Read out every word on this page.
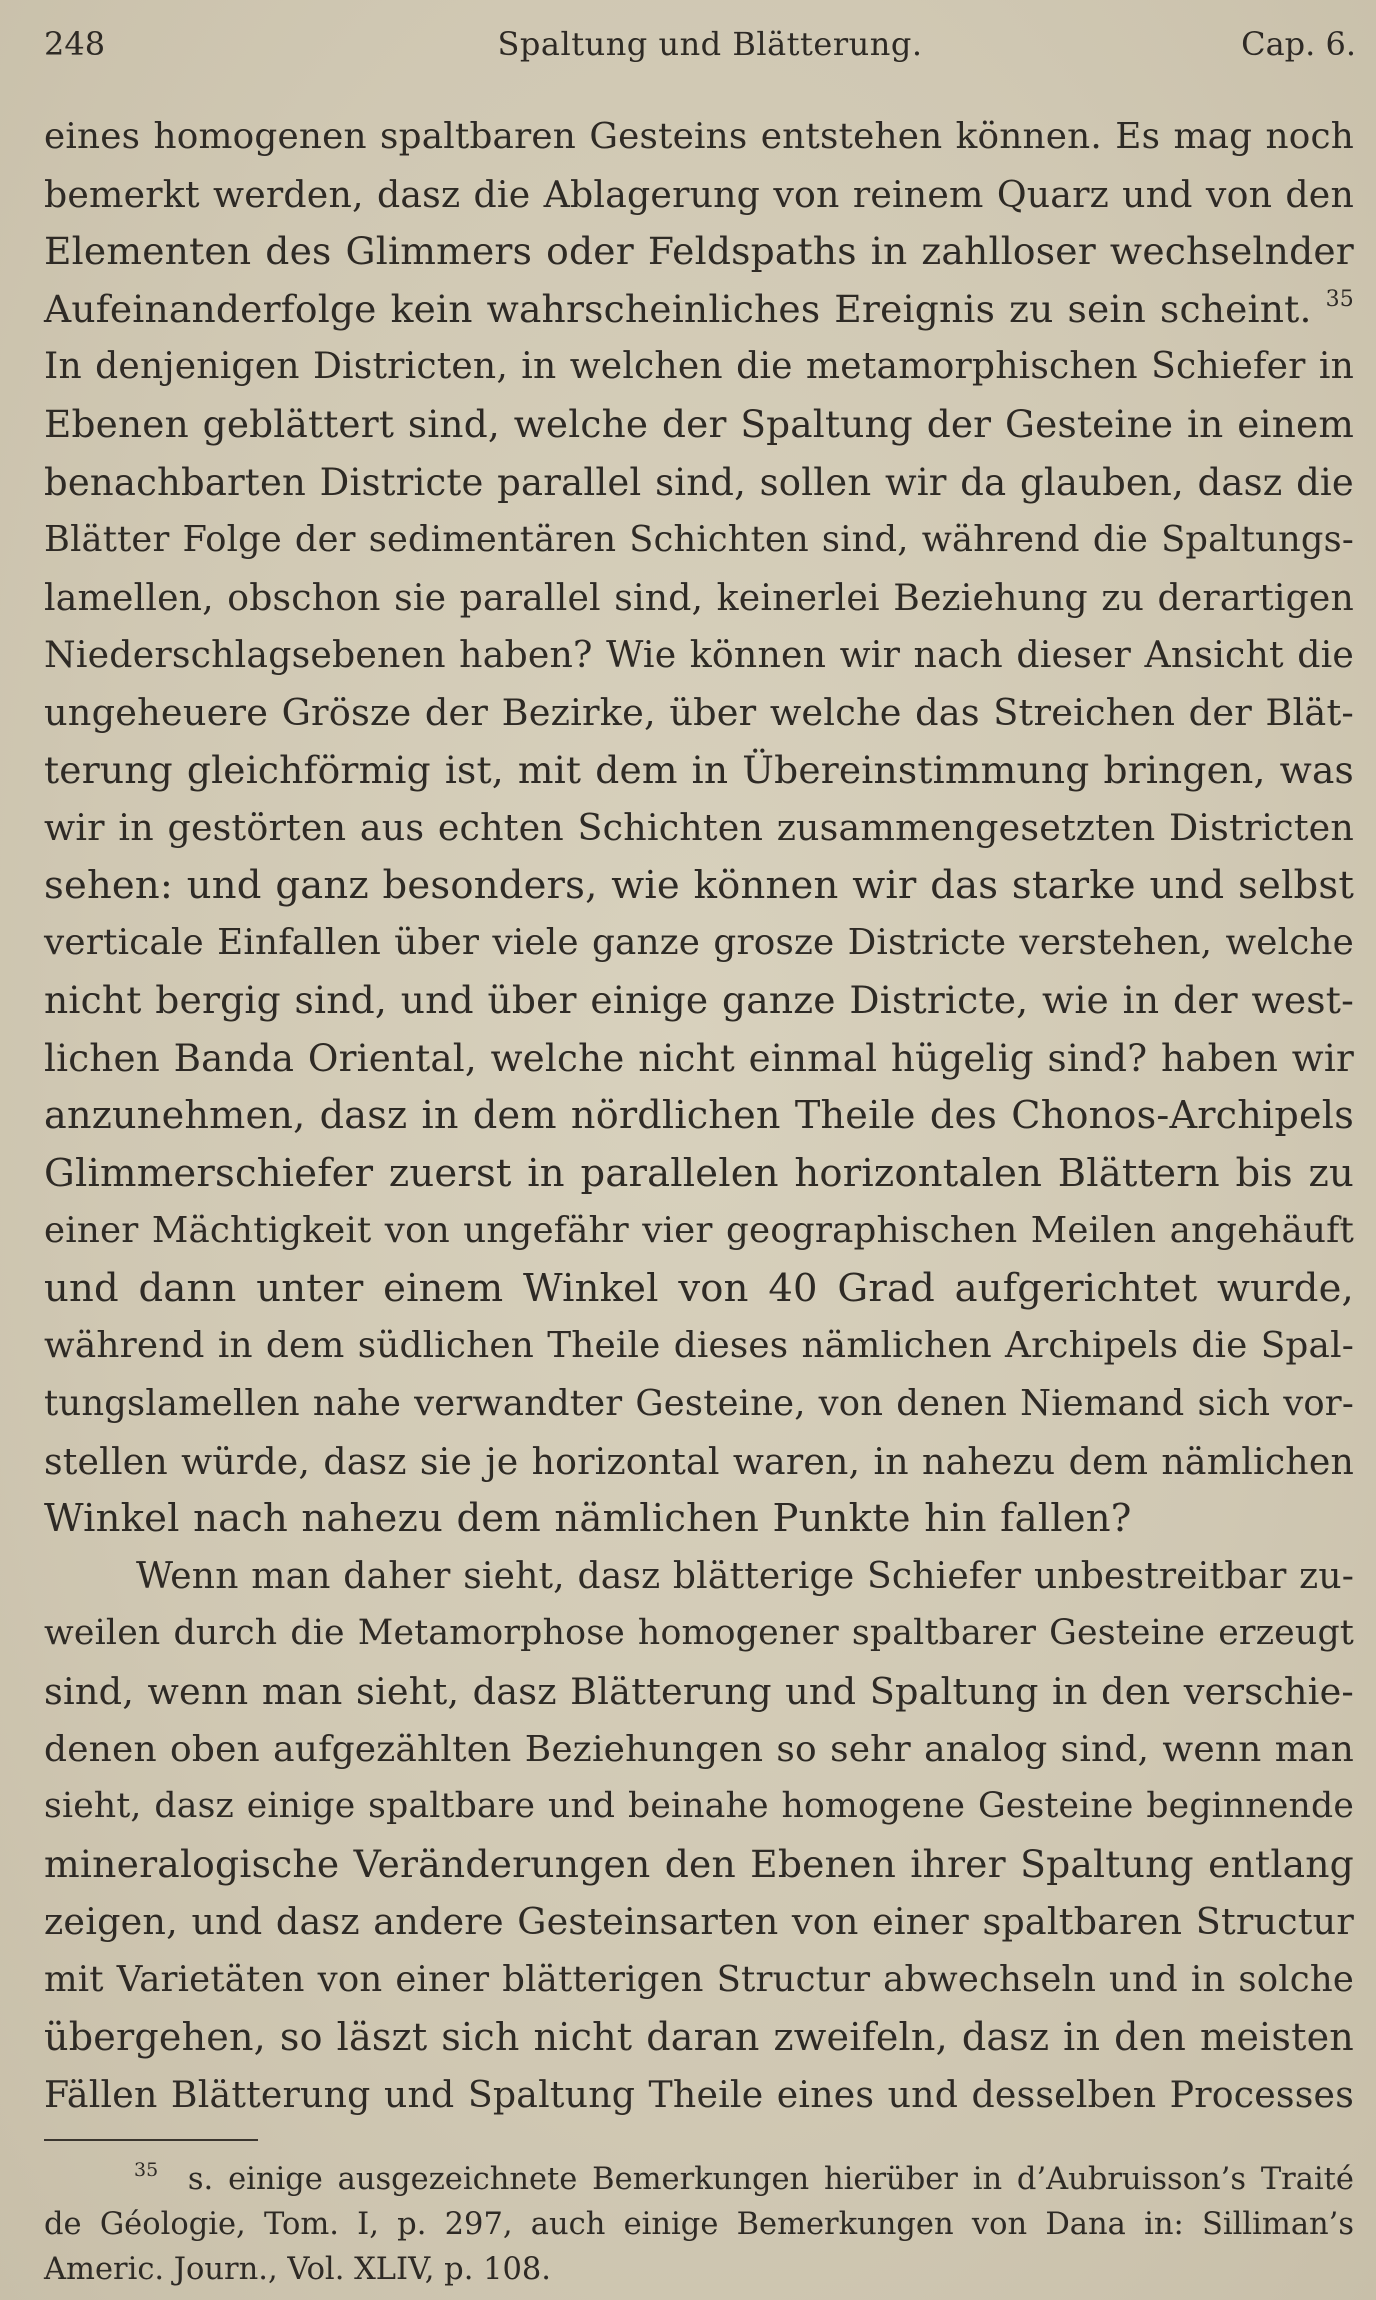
248	Spaltung und Blätterung.	Cap. 6.
eines homogenen spaltbaren Gesteins entstehen können. Es mag noch
bemerkt werden, dasz die Ablagerung von reinem Quarz und von den
Elementen des Glimmers oder Feldspaths in zahlloser wechselnder
Aufeinanderfolge kein wahrscheinliches Ereignis zu sein scheint. $^{35}$
In denjenigen Districten, in welchen die metamorphischen Schiefer in
Ebenen geblättert sind, welche der Spaltung der Gesteine in einem
benachbarten Districte parallel sind, sollen wir da glauben, dasz die
Blätter Folge der sedimentären Schichten sind, während die Spaltungs-
lamellen, obschon sie parallel sind, keinerlei Beziehung zu derartigen
Niederschlagsebenen haben? Wie können wir nach dieser Ansicht die
ungeheuere Grösze der Bezirke, über welche das Streichen der Blät-
terung gleichförmig ist, mit dem in Übereinstimmung bringen, was
wir in gestörten aus echten Schichten zusammengesetzten Districten
sehen: und ganz besonders, wie können wir das starke und selbst
verticale Einfallen über viele ganze grosze Districte verstehen, welche
nicht bergig sind, und über einige ganze Districte, wie in der west-
lichen Banda Oriental, welche nicht einmal hügelig sind? haben wir
anzunehmen, dasz in dem nördlichen Theile des Chonos-Archipels
Glimmerschiefer zuerst in parallelen horizontalen Blättern bis zu
einer Mächtigkeit von ungefähr vier geographischen Meilen angehäuft
und dann unter einem Winkel von 40 Grad aufgerichtet wurde,
während in dem südlichen Theile dieses nämlichen Archipels die Spal-
tungslamellen nahe verwandter Gesteine, von denen Niemand sich vor-
stellen würde, dasz sie je horizontal waren, in nahezu dem nämlichen
Winkel nach nahezu dem nämlichen Punkte hin fallen?
Wenn man daher sieht, dasz blätterige Schiefer unbestreitbar zu-
weilen durch die Metamorphose homogener spaltbarer Gesteine erzeugt
sind, wenn man sieht, dasz Blätterung und Spaltung in den verschie-
denen oben aufgezählten Beziehungen so sehr analog sind, wenn man
sieht, dasz einige spaltbare und beinahe homogene Gesteine beginnende
mineralogische Veränderungen den Ebenen ihrer Spaltung entlang
zeigen, und dasz andere Gesteinsarten von einer spaltbaren Structur
mit Varietäten von einer blätterigen Structur abwechseln und in solche
übergehen, so läszt sich nicht daran zweifeln, dasz in den meisten
Fällen Blätterung und Spaltung Theile eines und desselben Processes
$^{35}$ s. einige ausgezeichnete Bemerkungen hierüber in d’Aubruisson’s Traité
de Géologie, Tom. I, p. 297, auch einige Bemerkungen von Dana in: Silliman’s
Americ. Journ., Vol. XLIV, p. 108.
